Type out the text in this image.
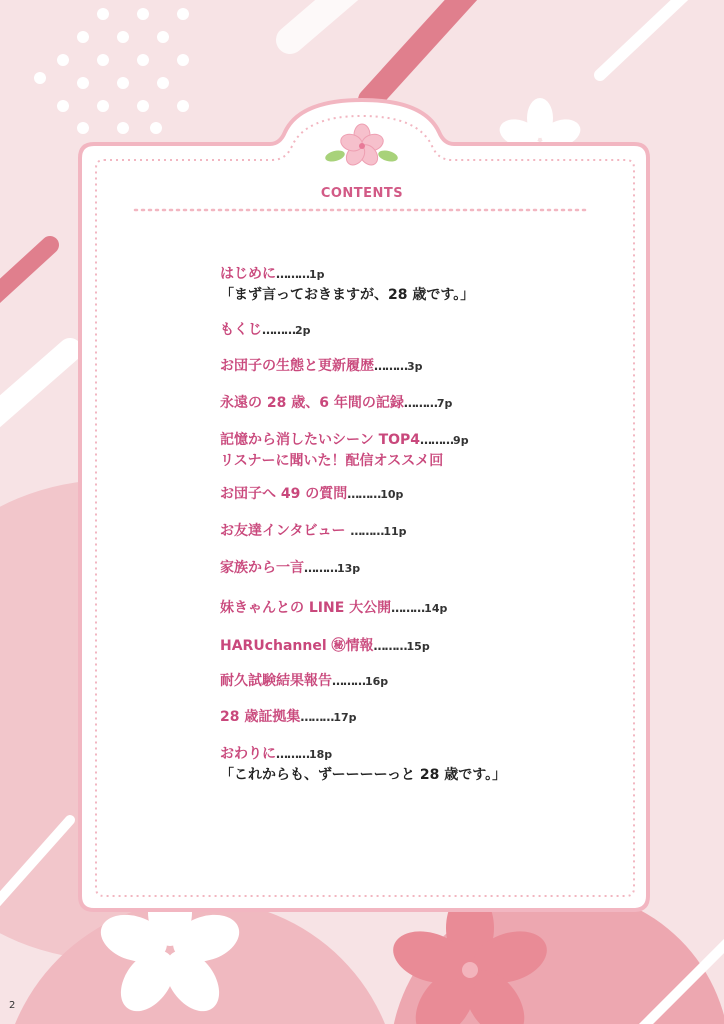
CONTENTS
はじめに………1p
「まず言っておきますが、28 歳です。」
もくじ………2p
お団子の生態と更新履歴………3p
永遠の 28 歳、6 年間の記録………7p
記憶から消したいシーン TOP4………9p
リスナーに聞いた！配信オススメ回
お団子へ 49 の質問………10p
お友達インタビュー ………11p
家族から一言………13p
妹きゃんとの LINE 大公開………14p
HARUchannel ㊙情報………15p
耐久試験結果報告………16p
28 歳証拠集………17p
おわりに………18p
「これからも、ずーーーーっと 28 歳です。」
2
